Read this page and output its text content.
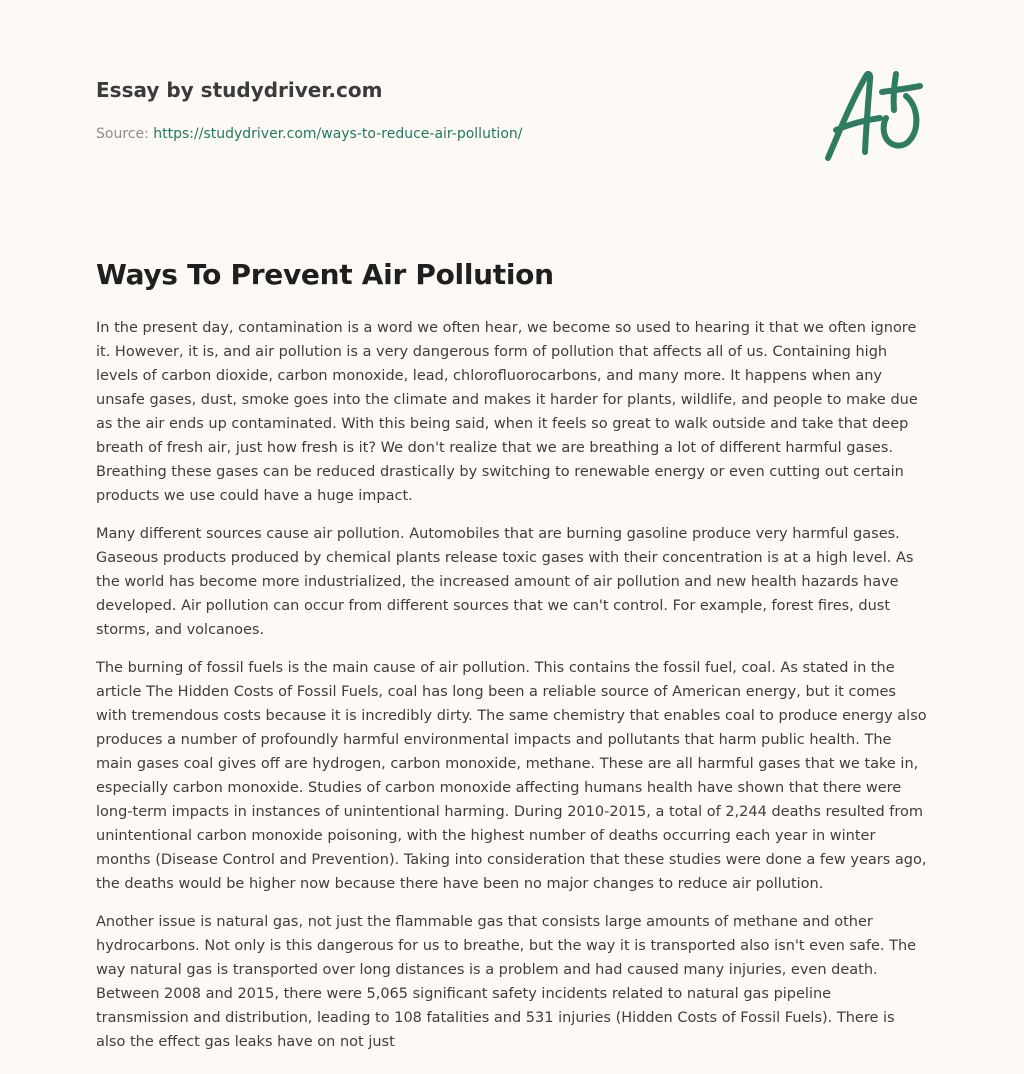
Essay by studydriver.com
Source: https://studydriver.com/ways-to-reduce-air-pollution/
Ways To Prevent Air Pollution

In the present day, contamination is a word we often hear, we become so used to hearing it that we often ignore it. However, it is, and air pollution is a very dangerous form of pollution that affects all of us. Containing high levels of carbon dioxide, carbon monoxide, lead, chlorofluorocarbons, and many more. It happens when any unsafe gases, dust, smoke goes into the climate and makes it harder for plants, wildlife, and people to make due as the air ends up contaminated. With this being said, when it feels so great to walk outside and take that deep breath of fresh air, just how fresh is it? We don't realize that we are breathing a lot of different harmful gases. Breathing these gases can be reduced drastically by switching to renewable energy or even cutting out certain products we use could have a huge impact.

Many different sources cause air pollution. Automobiles that are burning gasoline produce very harmful gases. Gaseous products produced by chemical plants release toxic gases with their concentration is at a high level. As the world has become more industrialized, the increased amount of air pollution and new health hazards have developed. Air pollution can occur from different sources that we can't control. For example, forest fires, dust storms, and volcanoes.

The burning of fossil fuels is the main cause of air pollution. This contains the fossil fuel, coal. As stated in the article The Hidden Costs of Fossil Fuels, coal has long been a reliable source of American energy, but it comes with tremendous costs because it is incredibly dirty. The same chemistry that enables coal to produce energy also produces a number of profoundly harmful environmental impacts and pollutants that harm public health. The main gases coal gives off are hydrogen, carbon monoxide, methane. These are all harmful gases that we take in, especially carbon monoxide. Studies of carbon monoxide affecting humans health have shown that there were long-term impacts in instances of unintentional harming. During 2010-2015, a total of 2,244 deaths resulted from unintentional carbon monoxide poisoning, with the highest number of deaths occurring each year in winter months (Disease Control and Prevention). Taking into consideration that these studies were done a few years ago, the deaths would be higher now because there have been no major changes to reduce air pollution.

Another issue is natural gas, not just the flammable gas that consists large amounts of methane and other hydrocarbons. Not only is this dangerous for us to breathe, but the way it is transported also isn't even safe. The way natural gas is transported over long distances is a problem and had caused many injuries, even death. Between 2008 and 2015, there were 5,065 significant safety incidents related to natural gas pipeline transmission and distribution, leading to 108 fatalities and 531 injuries (Hidden Costs of Fossil Fuels). There is also the effect gas leaks have on not just
